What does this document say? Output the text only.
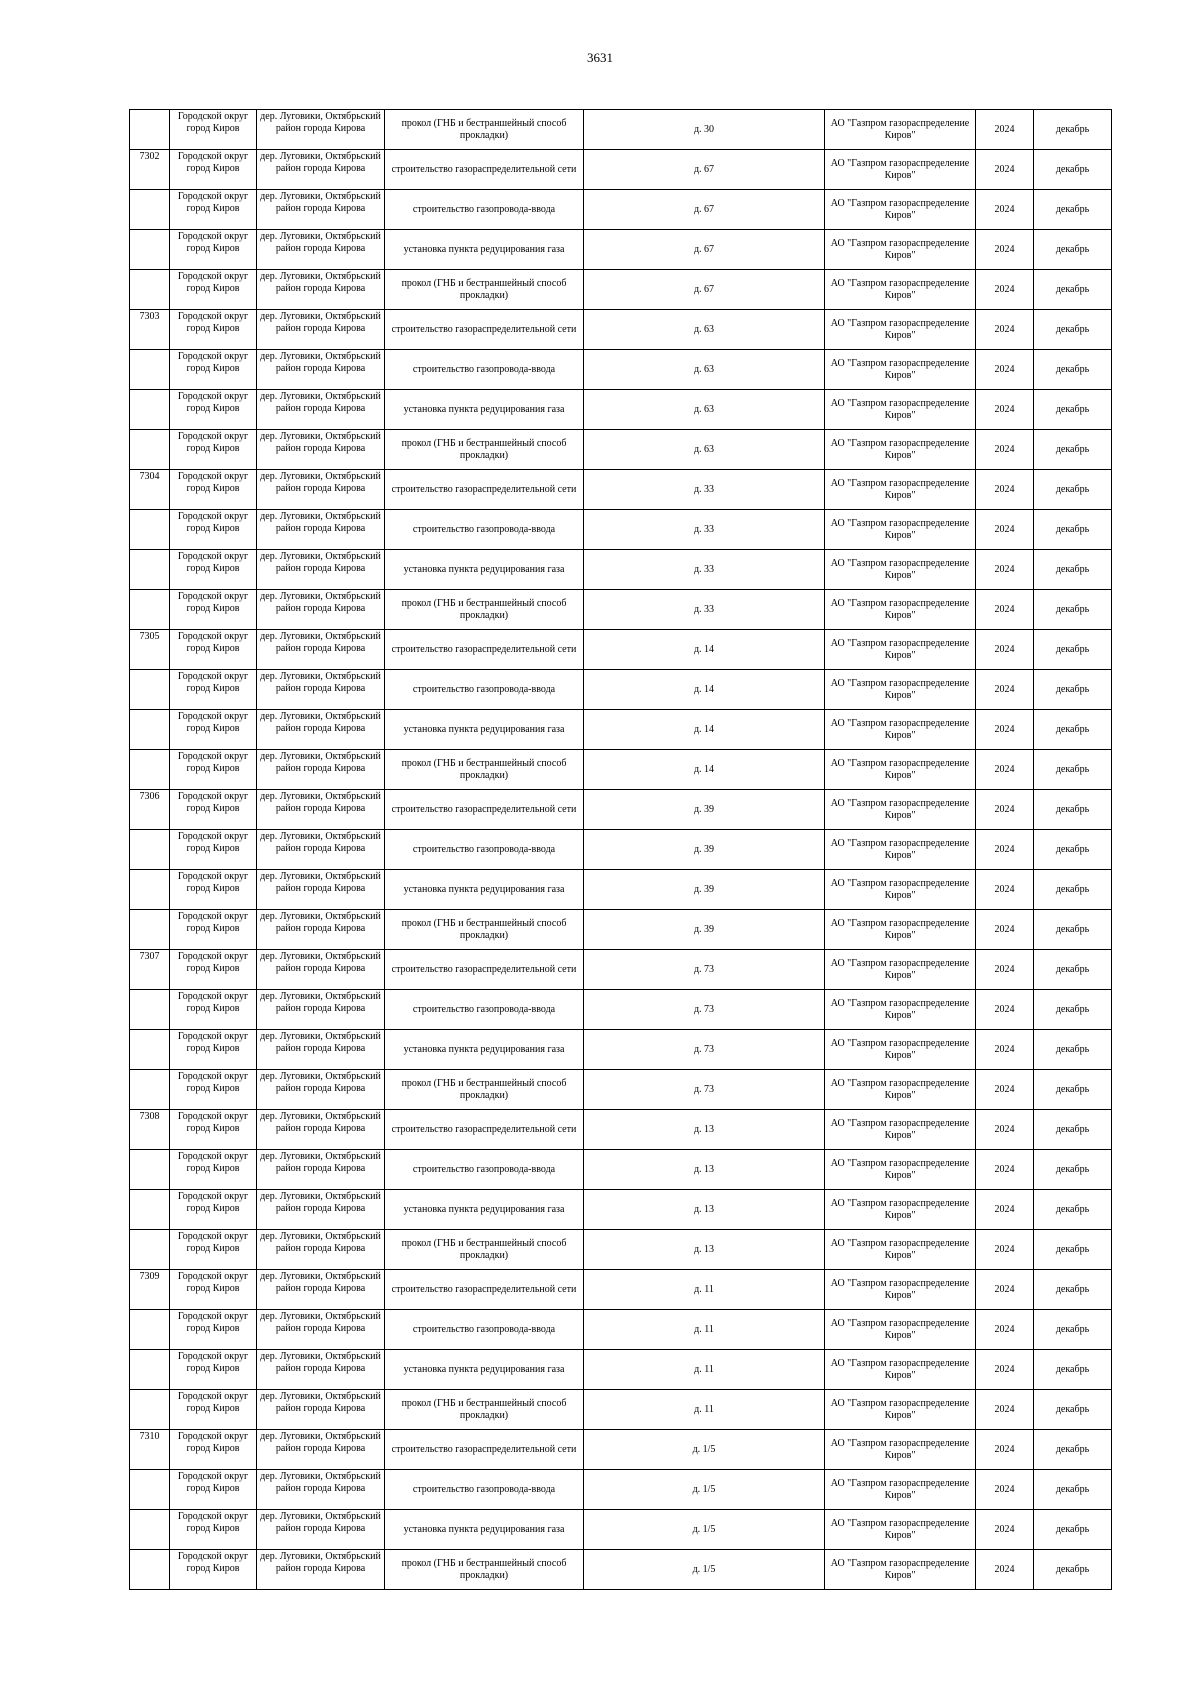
3631
	Городской округ город Киров	дер. Луговики, Октябрьский район города Кирова	прокол (ГНБ и бестраншейный способ прокладки)	д. 30	АО "Газпром газораспределение Киров"	2024	декабрь
7302	Городской округ город Киров	дер. Луговики, Октябрьский район города Кирова	строительство газораспределительной сети	д. 67	АО "Газпром газораспределение Киров"	2024	декабрь
	Городской округ город Киров	дер. Луговики, Октябрьский район города Кирова	строительство газопровода-ввода	д. 67	АО "Газпром газораспределение Киров"	2024	декабрь
	Городской округ город Киров	дер. Луговики, Октябрьский район города Кирова	установка пункта редуцирования газа	д. 67	АО "Газпром газораспределение Киров"	2024	декабрь
	Городской округ город Киров	дер. Луговики, Октябрьский район города Кирова	прокол (ГНБ и бестраншейный способ прокладки)	д. 67	АО "Газпром газораспределение Киров"	2024	декабрь
7303	Городской округ город Киров	дер. Луговики, Октябрьский район города Кирова	строительство газораспределительной сети	д. 63	АО "Газпром газораспределение Киров"	2024	декабрь
	Городской округ город Киров	дер. Луговики, Октябрьский район города Кирова	строительство газопровода-ввода	д. 63	АО "Газпром газораспределение Киров"	2024	декабрь
	Городской округ город Киров	дер. Луговики, Октябрьский район города Кирова	установка пункта редуцирования газа	д. 63	АО "Газпром газораспределение Киров"	2024	декабрь
	Городской округ город Киров	дер. Луговики, Октябрьский район города Кирова	прокол (ГНБ и бестраншейный способ прокладки)	д. 63	АО "Газпром газораспределение Киров"	2024	декабрь
7304	Городской округ город Киров	дер. Луговики, Октябрьский район города Кирова	строительство газораспределительной сети	д. 33	АО "Газпром газораспределение Киров"	2024	декабрь
	Городской округ город Киров	дер. Луговики, Октябрьский район города Кирова	строительство газопровода-ввода	д. 33	АО "Газпром газораспределение Киров"	2024	декабрь
	Городской округ город Киров	дер. Луговики, Октябрьский район города Кирова	установка пункта редуцирования газа	д. 33	АО "Газпром газораспределение Киров"	2024	декабрь
	Городской округ город Киров	дер. Луговики, Октябрьский район города Кирова	прокол (ГНБ и бестраншейный способ прокладки)	д. 33	АО "Газпром газораспределение Киров"	2024	декабрь
7305	Городской округ город Киров	дер. Луговики, Октябрьский район города Кирова	строительство газораспределительной сети	д. 14	АО "Газпром газораспределение Киров"	2024	декабрь
	Городской округ город Киров	дер. Луговики, Октябрьский район города Кирова	строительство газопровода-ввода	д. 14	АО "Газпром газораспределение Киров"	2024	декабрь
	Городской округ город Киров	дер. Луговики, Октябрьский район города Кирова	установка пункта редуцирования газа	д. 14	АО "Газпром газораспределение Киров"	2024	декабрь
	Городской округ город Киров	дер. Луговики, Октябрьский район города Кирова	прокол (ГНБ и бестраншейный способ прокладки)	д. 14	АО "Газпром газораспределение Киров"	2024	декабрь
7306	Городской округ город Киров	дер. Луговики, Октябрьский район города Кирова	строительство газораспределительной сети	д. 39	АО "Газпром газораспределение Киров"	2024	декабрь
	Городской округ город Киров	дер. Луговики, Октябрьский район города Кирова	строительство газопровода-ввода	д. 39	АО "Газпром газораспределение Киров"	2024	декабрь
	Городской округ город Киров	дер. Луговики, Октябрьский район города Кирова	установка пункта редуцирования газа	д. 39	АО "Газпром газораспределение Киров"	2024	декабрь
	Городской округ город Киров	дер. Луговики, Октябрьский район города Кирова	прокол (ГНБ и бестраншейный способ прокладки)	д. 39	АО "Газпром газораспределение Киров"	2024	декабрь
7307	Городской округ город Киров	дер. Луговики, Октябрьский район города Кирова	строительство газораспределительной сети	д. 73	АО "Газпром газораспределение Киров"	2024	декабрь
	Городской округ город Киров	дер. Луговики, Октябрьский район города Кирова	строительство газопровода-ввода	д. 73	АО "Газпром газораспределение Киров"	2024	декабрь
	Городской округ город Киров	дер. Луговики, Октябрьский район города Кирова	установка пункта редуцирования газа	д. 73	АО "Газпром газораспределение Киров"	2024	декабрь
	Городской округ город Киров	дер. Луговики, Октябрьский район города Кирова	прокол (ГНБ и бестраншейный способ прокладки)	д. 73	АО "Газпром газораспределение Киров"	2024	декабрь
7308	Городской округ город Киров	дер. Луговики, Октябрьский район города Кирова	строительство газораспределительной сети	д. 13	АО "Газпром газораспределение Киров"	2024	декабрь
	Городской округ город Киров	дер. Луговики, Октябрьский район города Кирова	строительство газопровода-ввода	д. 13	АО "Газпром газораспределение Киров"	2024	декабрь
	Городской округ город Киров	дер. Луговики, Октябрьский район города Кирова	установка пункта редуцирования газа	д. 13	АО "Газпром газораспределение Киров"	2024	декабрь
	Городской округ город Киров	дер. Луговики, Октябрьский район города Кирова	прокол (ГНБ и бестраншейный способ прокладки)	д. 13	АО "Газпром газораспределение Киров"	2024	декабрь
7309	Городской округ город Киров	дер. Луговики, Октябрьский район города Кирова	строительство газораспределительной сети	д. 11	АО "Газпром газораспределение Киров"	2024	декабрь
	Городской округ город Киров	дер. Луговики, Октябрьский район города Кирова	строительство газопровода-ввода	д. 11	АО "Газпром газораспределение Киров"	2024	декабрь
	Городской округ город Киров	дер. Луговики, Октябрьский район города Кирова	установка пункта редуцирования газа	д. 11	АО "Газпром газораспределение Киров"	2024	декабрь
	Городской округ город Киров	дер. Луговики, Октябрьский район города Кирова	прокол (ГНБ и бестраншейный способ прокладки)	д. 11	АО "Газпром газораспределение Киров"	2024	декабрь
7310	Городской округ город Киров	дер. Луговики, Октябрьский район города Кирова	строительство газораспределительной сети	д. 1/5	АО "Газпром газораспределение Киров"	2024	декабрь
	Городской округ город Киров	дер. Луговики, Октябрьский район города Кирова	строительство газопровода-ввода	д. 1/5	АО "Газпром газораспределение Киров"	2024	декабрь
	Городской округ город Киров	дер. Луговики, Октябрьский район города Кирова	установка пункта редуцирования газа	д. 1/5	АО "Газпром газораспределение Киров"	2024	декабрь
	Городской округ город Киров	дер. Луговики, Октябрьский район города Кирова	прокол (ГНБ и бестраншейный способ прокладки)	д. 1/5	АО "Газпром газораспределение Киров"	2024	декабрь
